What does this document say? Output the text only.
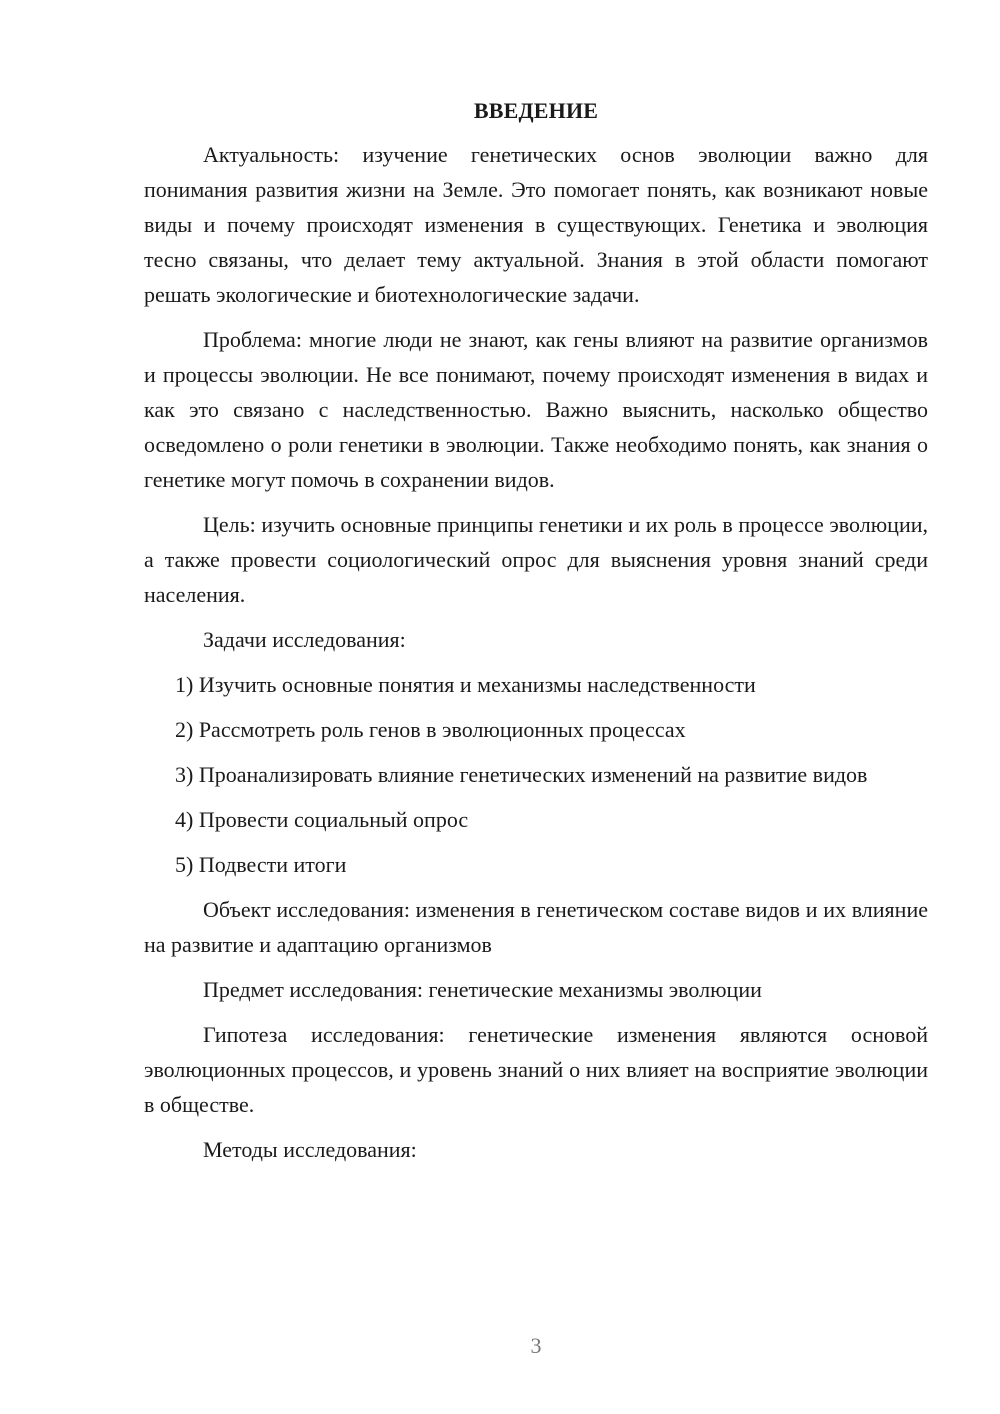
ВВЕДЕНИЕ

Актуальность: изучение генетических основ эволюции важно для понимания развития жизни на Земле. Это помогает понять, как возникают новые виды и почему происходят изменения в существующих. Генетика и эволюция тесно связаны, что делает тему актуальной. Знания в этой области помогают решать экологические и биотехнологические задачи.

Проблема: многие люди не знают, как гены влияют на развитие организмов и процессы эволюции. Не все понимают, почему происходят изменения в видах и как это связано с наследственностью. Важно выяснить, насколько общество осведомлено о роли генетики в эволюции. Также необходимо понять, как знания о генетике могут помочь в сохранении видов.

Цель: изучить основные принципы генетики и их роль в процессе эволюции, а также провести социологический опрос для выяснения уровня знаний среди населения.

Задачи исследования:

1) Изучить основные понятия и механизмы наследственности

2) Рассмотреть роль генов в эволюционных процессах

3) Проанализировать влияние генетических изменений на развитие видов

4) Провести социальный опрос

5) Подвести итоги

Объект исследования: изменения в генетическом составе видов и их влияние на развитие и адаптацию организмов

Предмет исследования: генетические механизмы эволюции

Гипотеза исследования: генетические изменения являются основой эволюционных процессов, и уровень знаний о них влияет на восприятие эволюции в обществе.

Методы исследования:

3
